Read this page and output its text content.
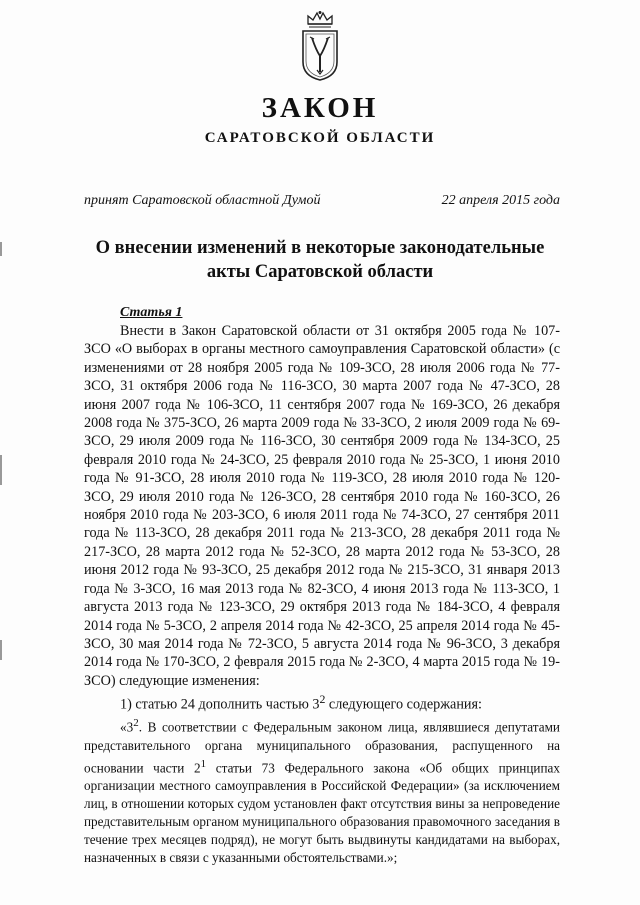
ЗАКОН
САРАТОВСКОЙ ОБЛАСТИ
принят Саратовской областной Думой	22 апреля 2015 года
О внесении изменений в некоторые законодательные
акты Саратовской области
Статья 1

Внести в Закон Саратовской области от 31 октября 2005 года № 107-ЗСО «О выборах в органы местного самоуправления Саратовской области» (с изменениями от 28 ноября 2005 года № 109-ЗСО, 28 июля 2006 года № 77-ЗСО, 31 октября 2006 года № 116-ЗСО, 30 марта 2007 года № 47-ЗСО, 28 июня 2007 года № 106-ЗСО, 11 сентября 2007 года № 169-ЗСО, 26 декабря 2008 года № 375-ЗСО, 26 марта 2009 года № 33-ЗСО, 2 июля 2009 года № 69-ЗСО, 29 июля 2009 года № 116-ЗСО, 30 сентября 2009 года № 134-ЗСО, 25 февраля 2010 года № 24-ЗСО, 25 февраля 2010 года № 25-ЗСО, 1 июня 2010 года № 91-ЗСО, 28 июля 2010 года № 119-ЗСО, 28 июля 2010 года № 120-ЗСО, 29 июля 2010 года № 126-ЗСО, 28 сентября 2010 года № 160-ЗСО, 26 ноября 2010 года № 203-ЗСО, 6 июля 2011 года № 74-ЗСО, 27 сентября 2011 года № 113-ЗСО, 28 декабря 2011 года № 213-ЗСО, 28 декабря 2011 года № 217-ЗСО, 28 марта 2012 года № 52-ЗСО, 28 марта 2012 года № 53-ЗСО, 28 июня 2012 года № 93-ЗСО, 25 декабря 2012 года № 215-ЗСО, 31 января 2013 года № 3-ЗСО, 16 мая 2013 года № 82-ЗСО, 4 июня 2013 года № 113-ЗСО, 1 августа 2013 года № 123-ЗСО, 29 октября 2013 года № 184-ЗСО, 4 февраля 2014 года № 5-ЗСО, 2 апреля 2014 года № 42-ЗСО, 25 апреля 2014 года № 45-ЗСО, 30 мая 2014 года № 72-ЗСО, 5 августа 2014 года № 96-ЗСО, 3 декабря 2014 года № 170-ЗСО, 2 февраля 2015 года № 2-ЗСО, 4 марта 2015 года № 19-ЗСО) следующие изменения:

1) статью 24 дополнить частью $3^2$ следующего содержания:

«$3^2$. В соответствии с Федеральным законом лица, являвшиеся депутатами представительного органа муниципального образования, распущенного на основании части $2^1$ статьи 73 Федерального закона «Об общих принципах организации местного самоуправления в Российской Федерации» (за исключением лиц, в отношении которых судом установлен факт отсутствия вины за непроведение представительным органом муниципального образования правомочного заседания в течение трех месяцев подряд), не могут быть выдвинуты кандидатами на выборах, назначенных в связи с указанными обстоятельствами.»;
